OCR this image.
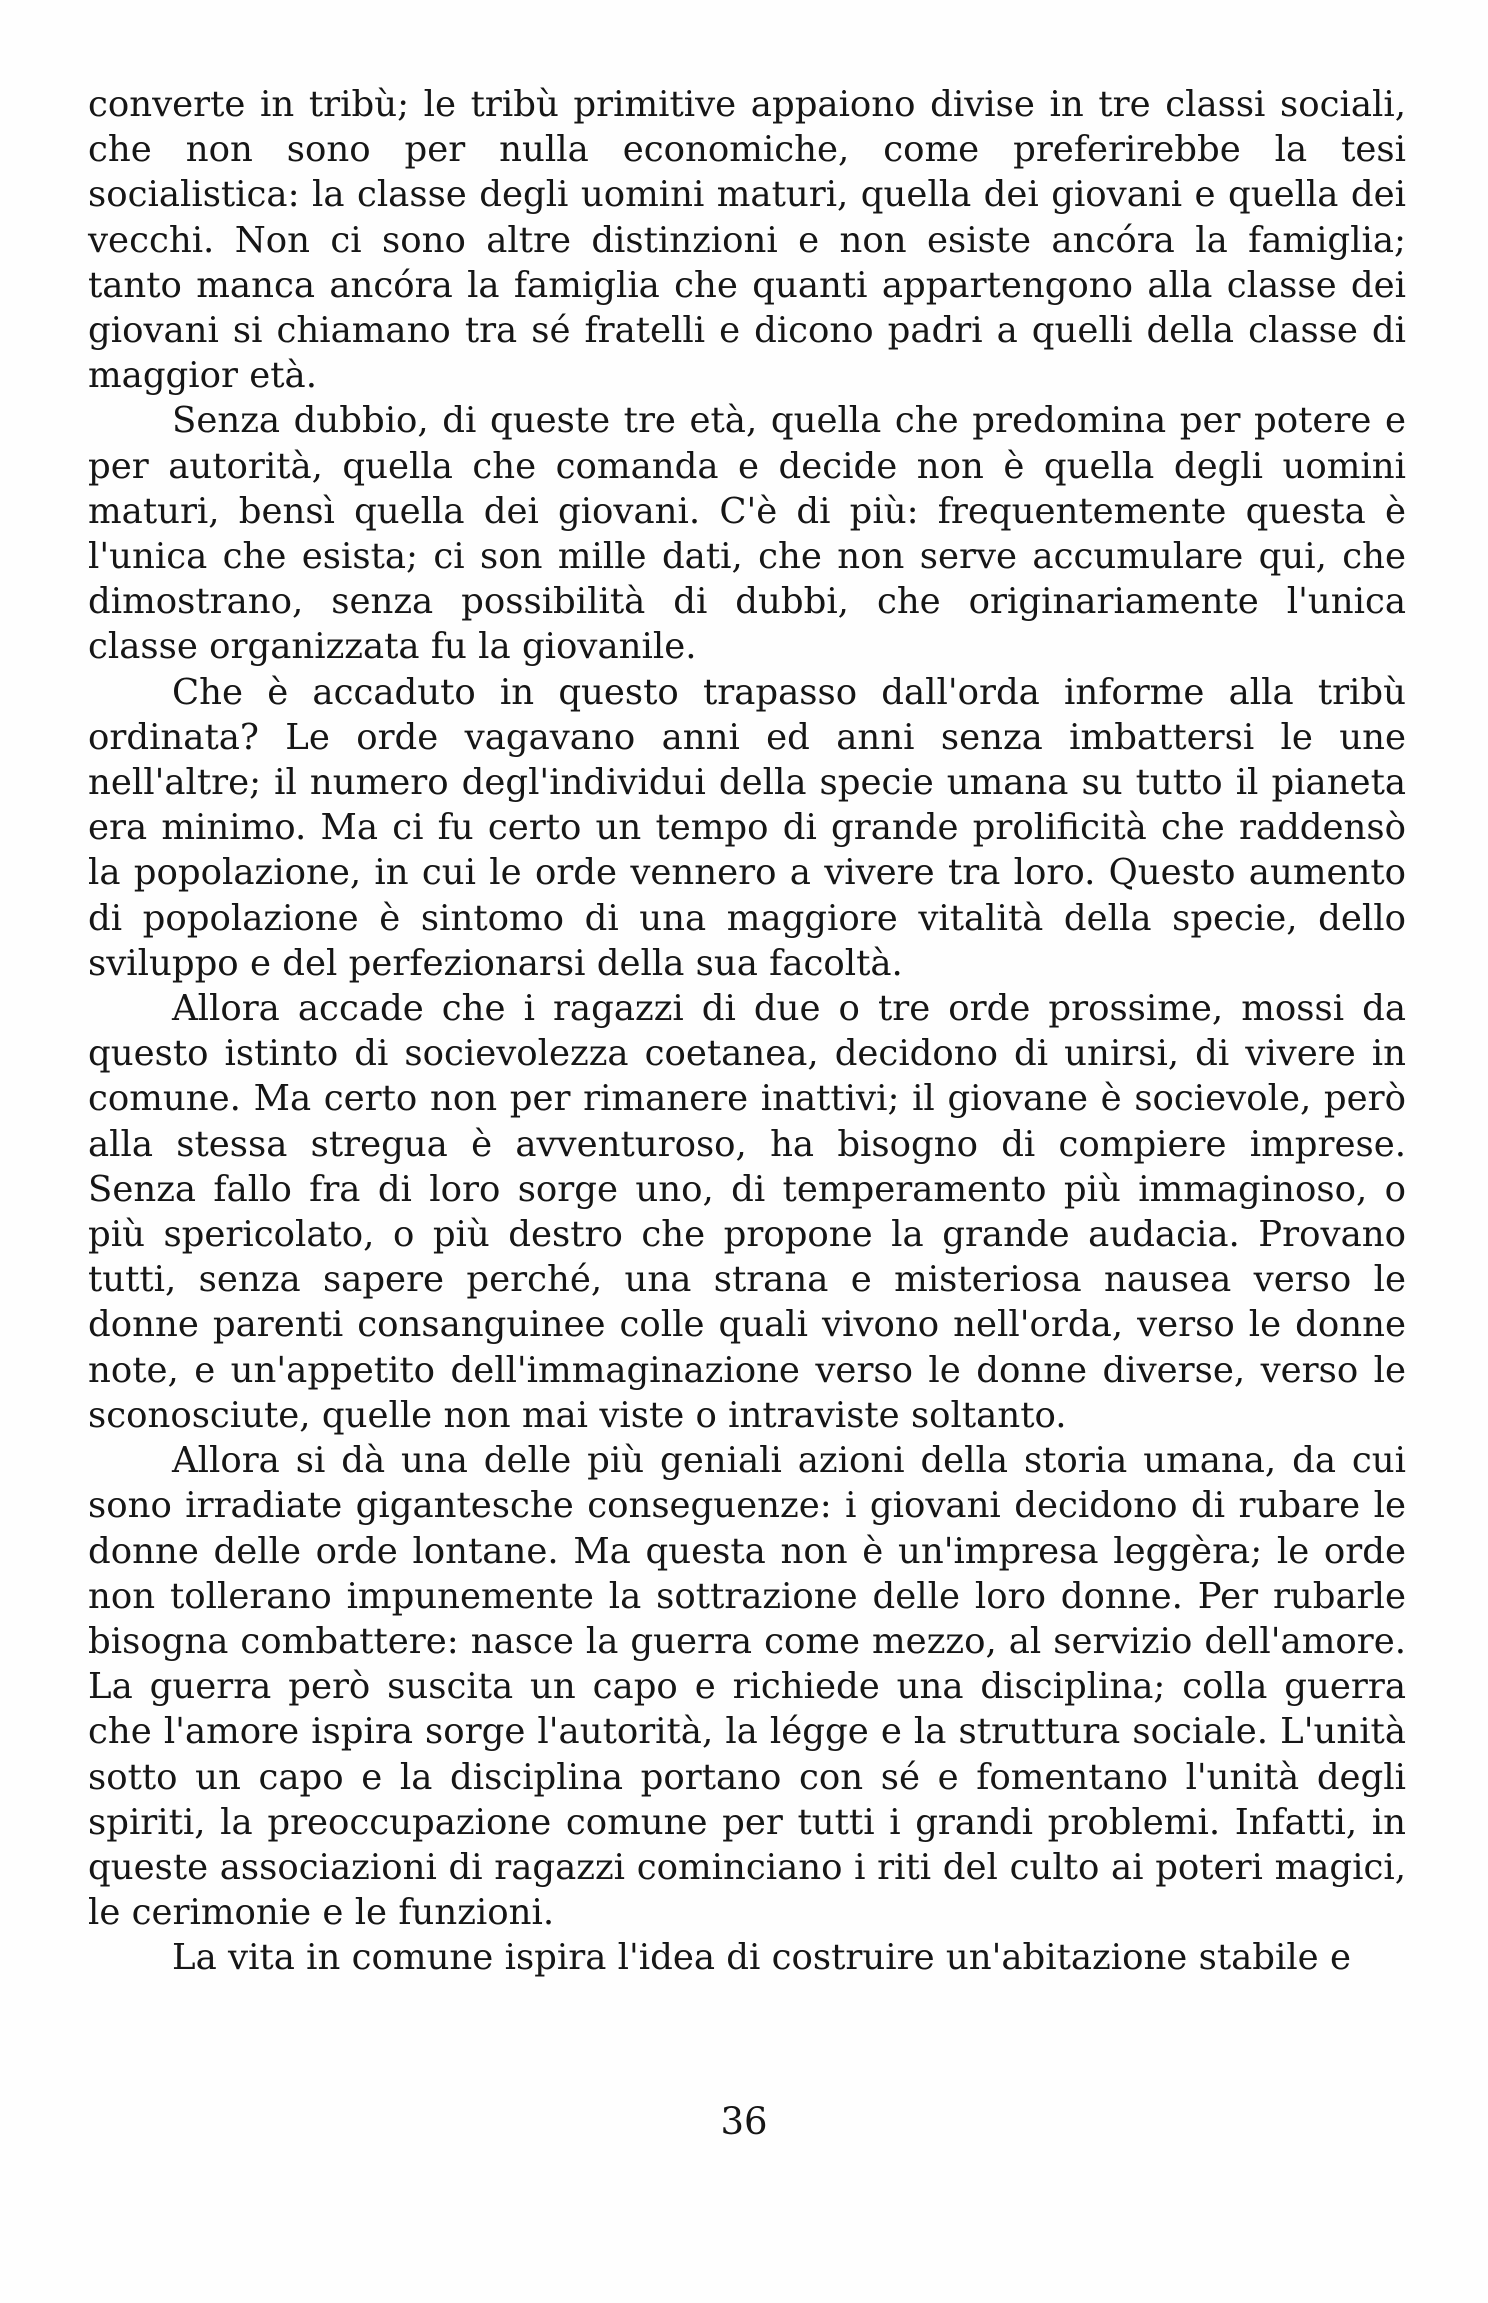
converte in tribù; le tribù primitive appaiono divise in tre classi sociali, che non sono per nulla economiche, come preferirebbe la tesi socialistica: la classe degli uomini maturi, quella dei giovani e quella dei vecchi. Non ci sono altre distinzioni e non esiste ancóra la famiglia; tanto manca ancóra la famiglia che quanti appartengono alla classe dei giovani si chiamano tra sé fratelli e dicono padri a quelli della classe di maggior età.

Senza dubbio, di queste tre età, quella che predomina per potere e per autorità, quella che comanda e decide non è quella degli uomini maturi, bensì quella dei giovani. C'è di più: frequentemente questa è l'unica che esista; ci son mille dati, che non serve accumulare qui, che dimostrano, senza possibilità di dubbi, che originariamente l'unica classe organizzata fu la giovanile.

Che è accaduto in questo trapasso dall'orda informe alla tribù ordinata? Le orde vagavano anni ed anni senza imbattersi le une nell'altre; il numero degl'individui della specie umana su tutto il pianeta era minimo. Ma ci fu certo un tempo di grande prolificità che raddensò la popolazione, in cui le orde vennero a vivere tra loro. Questo aumento di popolazione è sintomo di una maggiore vitalità della specie, dello sviluppo e del perfezionarsi della sua facoltà.

Allora accade che i ragazzi di due o tre orde prossime, mossi da questo istinto di socievolezza coetanea, decidono di unirsi, di vivere in comune. Ma certo non per rimanere inattivi; il giovane è socievole, però alla stessa stregua è avventuroso, ha bisogno di compiere imprese. Senza fallo fra di loro sorge uno, di temperamento più immaginoso, o più spericolato, o più destro che propone la grande audacia. Provano tutti, senza sapere perché, una strana e misteriosa nausea verso le donne parenti consanguinee colle quali vivono nell'orda, verso le donne note, e un'appetito dell'immaginazione verso le donne diverse, verso le sconosciute, quelle non mai viste o intraviste soltanto.

Allora si dà una delle più geniali azioni della storia umana, da cui sono irradiate gigantesche conseguenze: i giovani decidono di rubare le donne delle orde lontane. Ma questa non è un'impresa leggèra; le orde non tollerano impunemente la sottrazione delle loro donne. Per rubarle bisogna combattere: nasce la guerra come mezzo, al servizio dell'amore. La guerra però suscita un capo e richiede una disciplina; colla guerra che l'amore ispira sorge l'autorità, la légge e la struttura sociale. L'unità sotto un capo e la disciplina portano con sé e fomentano l'unità degli spiriti, la preoccupazione comune per tutti i grandi problemi. Infatti, in queste associazioni di ragazzi cominciano i riti del culto ai poteri magici, le cerimonie e le funzioni.

La vita in comune ispira l'idea di costruire un'abitazione stabile e

36
